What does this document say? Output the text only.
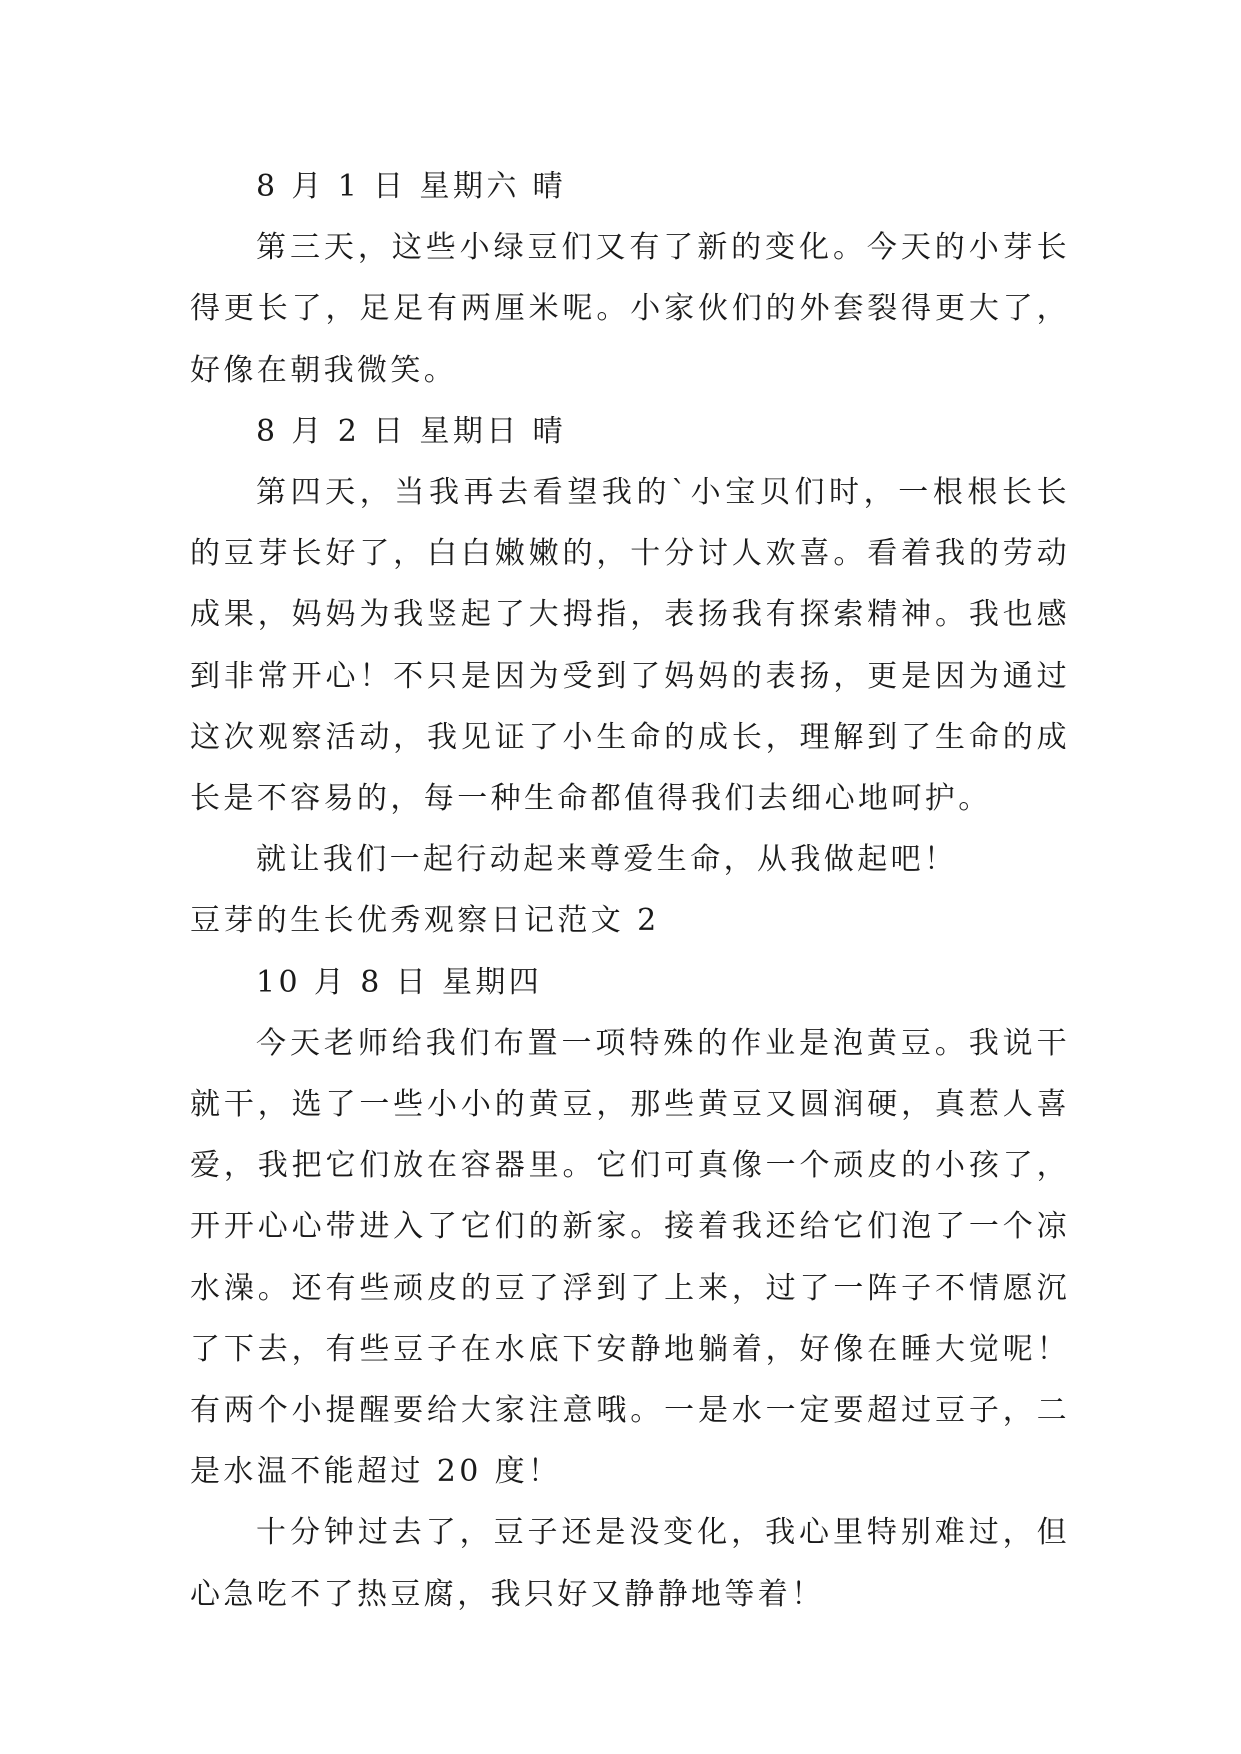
8 月 1 日 星期六 晴

第三天，这些小绿豆们又有了新的变化。今天的小芽长得更长了，足足有两厘米呢。小家伙们的外套裂得更大了，好像在朝我微笑。

8 月 2 日 星期日 晴

第四天，当我再去看望我的`小宝贝们时，一根根长长的豆芽长好了，白白嫩嫩的，十分讨人欢喜。看着我的劳动成果，妈妈为我竖起了大拇指，表扬我有探索精神。我也感到非常开心！不只是因为受到了妈妈的表扬，更是因为通过这次观察活动，我见证了小生命的成长，理解到了生命的成长是不容易的，每一种生命都值得我们去细心地呵护。

就让我们一起行动起来尊爱生命，从我做起吧！

豆芽的生长优秀观察日记范文 2

10 月 8 日 星期四

今天老师给我们布置一项特殊的作业是泡黄豆。我说干就干，选了一些小小的黄豆，那些黄豆又圆润硬，真惹人喜爱，我把它们放在容器里。它们可真像一个顽皮的小孩了，开开心心带进入了它们的新家。接着我还给它们泡了一个凉水澡。还有些顽皮的豆了浮到了上来，过了一阵子不情愿沉了下去，有些豆子在水底下安静地躺着，好像在睡大觉呢！有两个小提醒要给大家注意哦。一是水一定要超过豆子，二是水温不能超过 20 度！

十分钟过去了，豆子还是没变化，我心里特别难过，但心急吃不了热豆腐，我只好又静静地等着！
